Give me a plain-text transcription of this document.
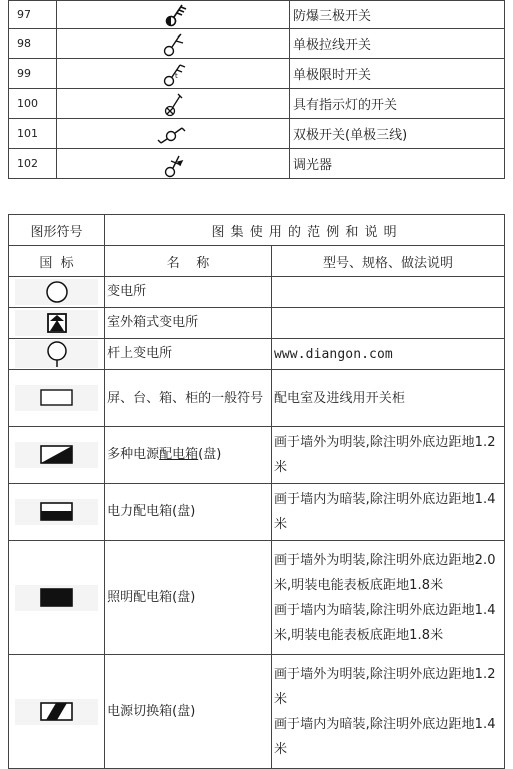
97		防爆三极开关
98		单极拉线开关
99	t	单极限时开关
100		具有指示灯的开关
101		双极开关(单极三线)
102		调光器
图形符号	图 集 使 用 的 范 例 和 说 明	
国  标	名    称	型号、规格、做法说明

	变电所	

	室外箱式变电所	

	杆上变电所	www.diangon.com

	屏、台、箱、柜的一般符号	配电室及进线用开关柜

	多种电源配电箱(盘)	画于墙外为明装,除注明外底边距地1.2米

	电力配电箱(盘)	画于墙内为暗装,除注明外底边距地1.4米

	照明配电箱(盘)	画于墙外为明装,除注明外底边距地2.0米,明装电能表板底距地1.8米
画于墙内为暗装,除注明外底边距地1.4米,明装电能表板底距地1.8米

	电源切换箱(盘)	画于墙外为明装,除注明外底边距地1.2米
画于墙内为暗装,除注明外底边距地1.4米
